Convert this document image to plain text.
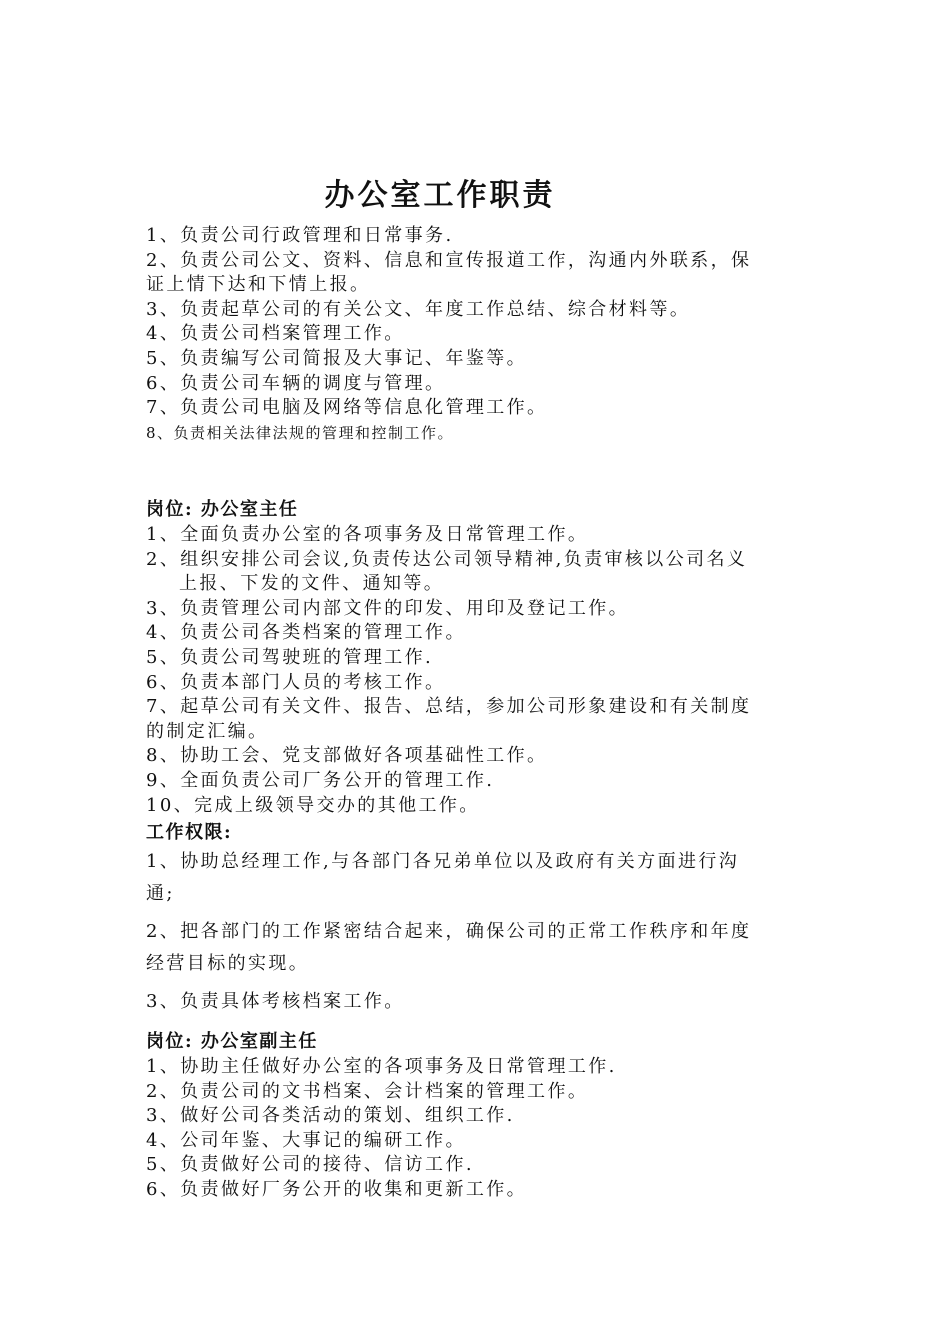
办公室工作职责
1、负责公司行政管理和日常事务.
2、负责公司公文、资料、信息和宣传报道工作，沟通内外联系，保
证上情下达和下情上报。
3、负责起草公司的有关公文、年度工作总结、综合材料等。
4、负责公司档案管理工作。
5、负责编写公司简报及大事记、年鉴等。
6、负责公司车辆的调度与管理。
7、负责公司电脑及网络等信息化管理工作。
8、负责相关法律法规的管理和控制工作。
岗位: 办公室主任
1、全面负责办公室的各项事务及日常管理工作。
2、组织安排公司会议,负责传达公司领导精神,负责审核以公司名义
上报、下发的文件、通知等。
3、负责管理公司内部文件的印发、用印及登记工作。
4、负责公司各类档案的管理工作。
5、负责公司驾驶班的管理工作.
6、负责本部门人员的考核工作。
7、起草公司有关文件、报告、总结，参加公司形象建设和有关制度
的制定汇编。
8、协助工会、党支部做好各项基础性工作。
9、全面负责公司厂务公开的管理工作.
10、完成上级领导交办的其他工作。
工作权限:
1、协助总经理工作,与各部门各兄弟单位以及政府有关方面进行沟
通;
2、把各部门的工作紧密结合起来，确保公司的正常工作秩序和年度
经营目标的实现。
3、负责具体考核档案工作。
岗位: 办公室副主任
1、协助主任做好办公室的各项事务及日常管理工作.
2、负责公司的文书档案、会计档案的管理工作。
3、做好公司各类活动的策划、组织工作.
4、公司年鉴、大事记的编研工作。
5、负责做好公司的接待、信访工作.
6、负责做好厂务公开的收集和更新工作。
